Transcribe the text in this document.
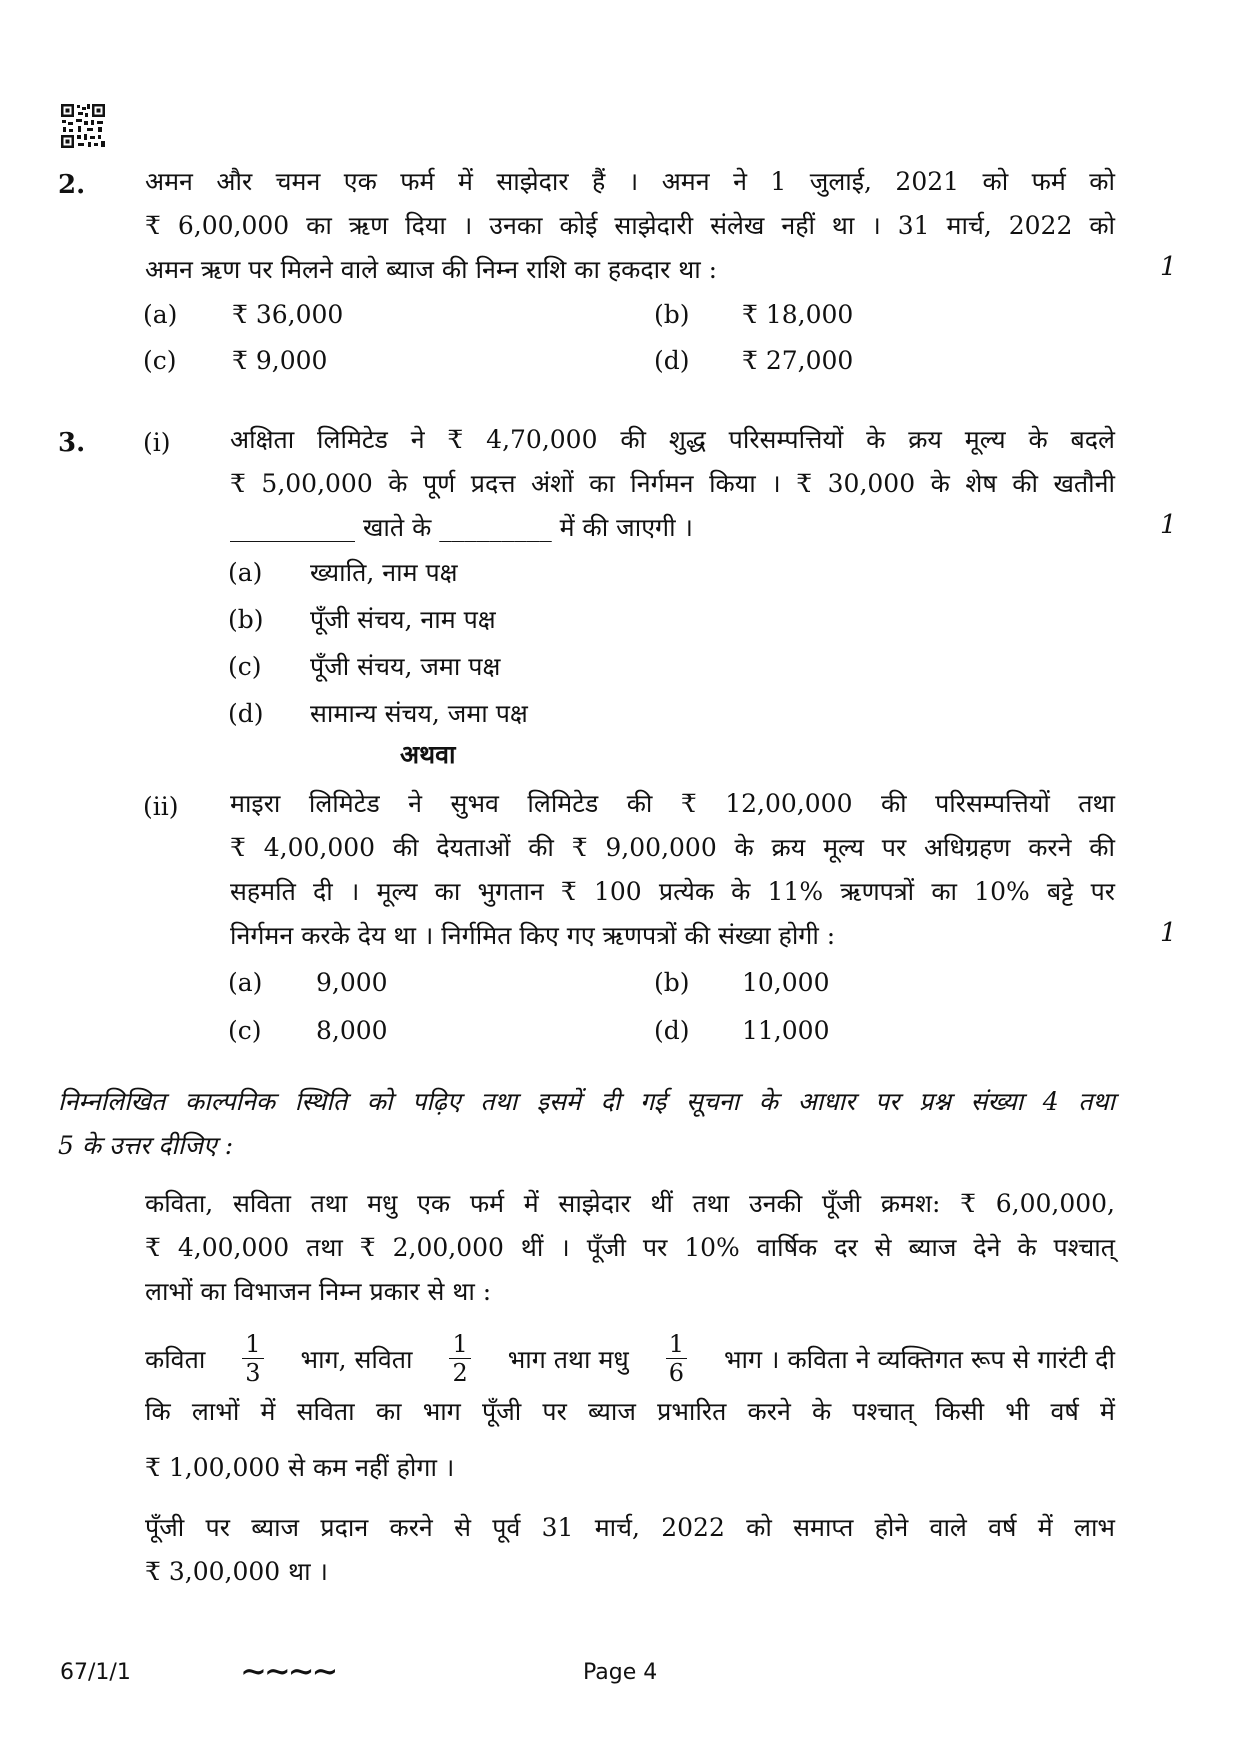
2. अमन और चमन एक फर्म में साझेदार हैं । अमन ने 1 जुलाई, 2021 को फर्म को
₹ 6,00,000 का ऋण दिया । उनका कोई साझेदारी संलेख नहीं था । 31 मार्च, 2022 को
अमन ऋण पर मिलने वाले ब्याज की निम्न राशि का हकदार था :	1
(a) ₹ 36,000	(b) ₹ 18,000
(c) ₹ 9,000	(d) ₹ 27,000
3. (i) अक्षिता लिमिटेड ने ₹ 4,70,000 की शुद्ध परिसम्पत्तियों के क्रय मूल्य के बदले
₹ 5,00,000 के पूर्ण प्रदत्त अंशों का निर्गमन किया । ₹ 30,000 के शेष की खतौनी
__________ खाते के _________ में की जाएगी ।	1
(a) ख्याति, नाम पक्ष
(b) पूँजी संचय, नाम पक्ष
(c) पूँजी संचय, जमा पक्ष
(d) सामान्य संचय, जमा पक्ष
अथवा
(ii) माइरा लिमिटेड ने सुभव लिमिटेड की ₹ 12,00,000 की परिसम्पत्तियों तथा
₹ 4,00,000 की देयताओं की ₹ 9,00,000 के क्रय मूल्य पर अधिग्रहण करने की
सहमति दी । मूल्य का भुगतान ₹ 100 प्रत्येक के 11% ऋणपत्रों का 10% बट्टे पर
निर्गमन करके देय था । निर्गमित किए गए ऋणपत्रों की संख्या होगी :	1
(a) 9,000	(b) 10,000
(c) 8,000	(d) 11,000
निम्नलिखित काल्पनिक स्थिति को पढ़िए तथा इसमें दी गई सूचना के आधार पर प्रश्न संख्या 4 तथा
5 के उत्तर दीजिए :
कविता, सविता तथा मधु एक फर्म में साझेदार थीं तथा उनकी पूँजी क्रमश: ₹ 6,00,000,
₹ 4,00,000 तथा ₹ 2,00,000 थीं । पूँजी पर 10% वार्षिक दर से ब्याज देने के पश्चात्
लाभों का विभाजन निम्न प्रकार से था :
कविता $\frac{1}{3}$ भाग, सविता $\frac{1}{2}$ भाग तथा मधु $\frac{1}{6}$ भाग । कविता ने व्यक्तिगत रूप से गारंटी दी
कि लाभों में सविता का भाग पूँजी पर ब्याज प्रभारित करने के पश्चात् किसी भी वर्ष में
₹ 1,00,000 से कम नहीं होगा ।
पूँजी पर ब्याज प्रदान करने से पूर्व 31 मार्च, 2022 को समाप्त होने वाले वर्ष में लाभ
₹ 3,00,000 था ।
67/1/1	∼∼∼∼	Page 4
